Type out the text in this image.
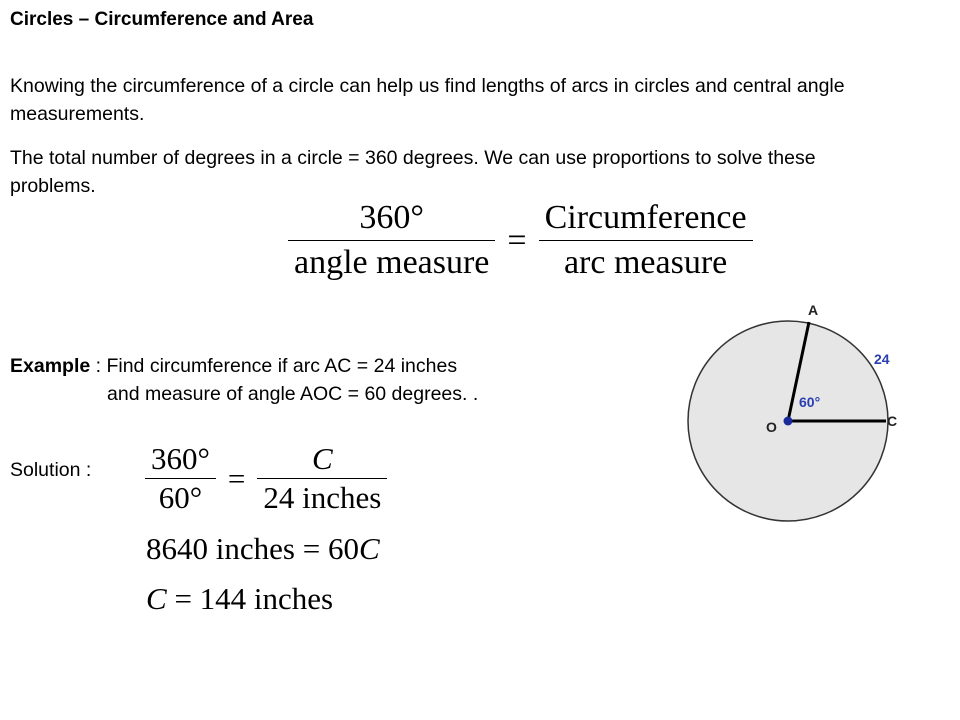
Circles – Circumference and Area
Knowing the circumference of a circle can help us find lengths of arcs in circles and central angle measurements.
The total number of degrees in a circle = 360 degrees. We can use proportions to solve these problems.
$\frac{360^\circ}{\text{angle measure}} = \frac{\text{Circumference}}{\text{arc measure}}$
Example : Find circumference if arc AC = 24 inches
and measure of angle AOC = 60 degrees. .
Solution : $\frac{360^\circ}{60^\circ} = \frac{C}{\text{24 inches}}$
8640 inches = 60C
C = 144 inches
A
24
60°
C
O
